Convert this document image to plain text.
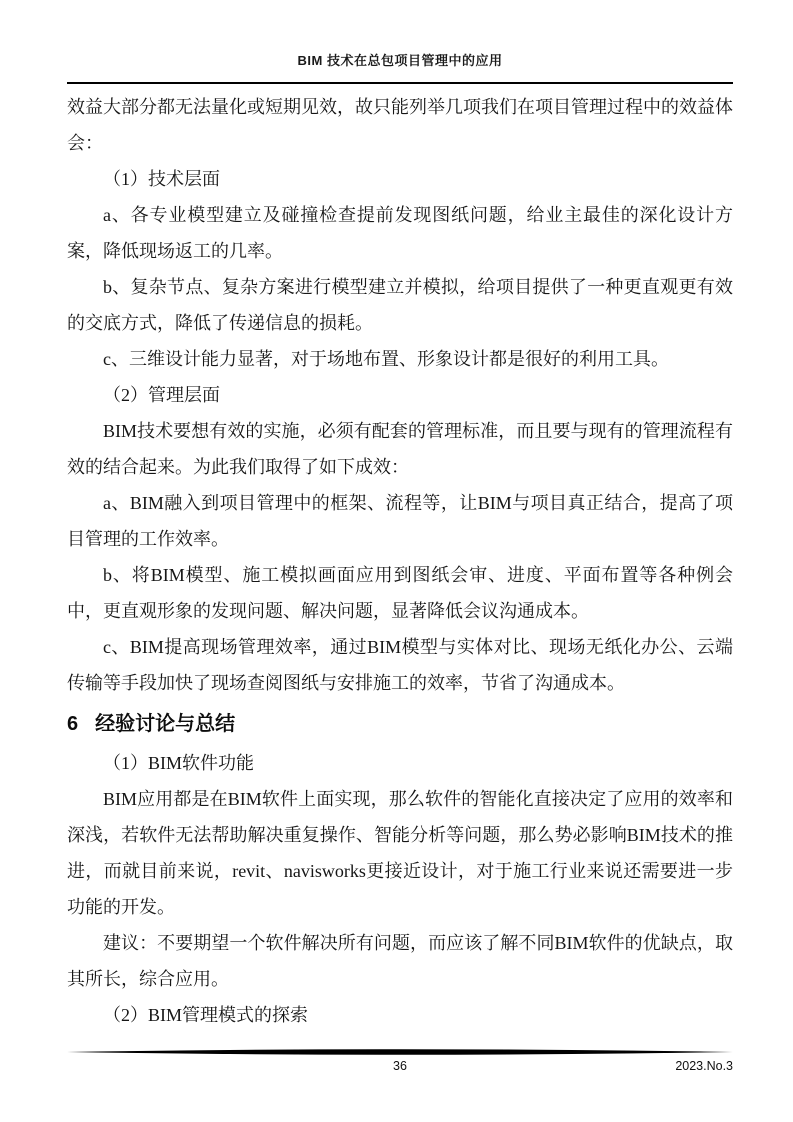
BIM 技术在总包项目管理中的应用

效益大部分都无法量化或短期见效，故只能列举几项我们在项目管理过程中的效益体会：

（1）技术层面

a、各专业模型建立及碰撞检查提前发现图纸问题，给业主最佳的深化设计方案，降低现场返工的几率。

b、复杂节点、复杂方案进行模型建立并模拟，给项目提供了一种更直观更有效的交底方式，降低了传递信息的损耗。

c、三维设计能力显著，对于场地布置、形象设计都是很好的利用工具。

（2）管理层面

BIM技术要想有效的实施，必须有配套的管理标准，而且要与现有的管理流程有效的结合起来。为此我们取得了如下成效：

a、BIM融入到项目管理中的框架、流程等，让BIM与项目真正结合，提高了项目管理的工作效率。

b、将BIM模型、施工模拟画面应用到图纸会审、进度、平面布置等各种例会中，更直观形象的发现问题、解决问题，显著降低会议沟通成本。

c、BIM提高现场管理效率，通过BIM模型与实体对比、现场无纸化办公、云端传输等手段加快了现场查阅图纸与安排施工的效率，节省了沟通成本。

6 经验讨论与总结

（1）BIM软件功能

BIM应用都是在BIM软件上面实现，那么软件的智能化直接决定了应用的效率和深浅，若软件无法帮助解决重复操作、智能分析等问题，那么势必影响BIM技术的推进，而就目前来说，revit、navisworks更接近设计，对于施工行业来说还需要进一步功能的开发。

建议：不要期望一个软件解决所有问题，而应该了解不同BIM软件的优缺点，取其所长，综合应用。

（2）BIM管理模式的探索

36	2023.No.3
